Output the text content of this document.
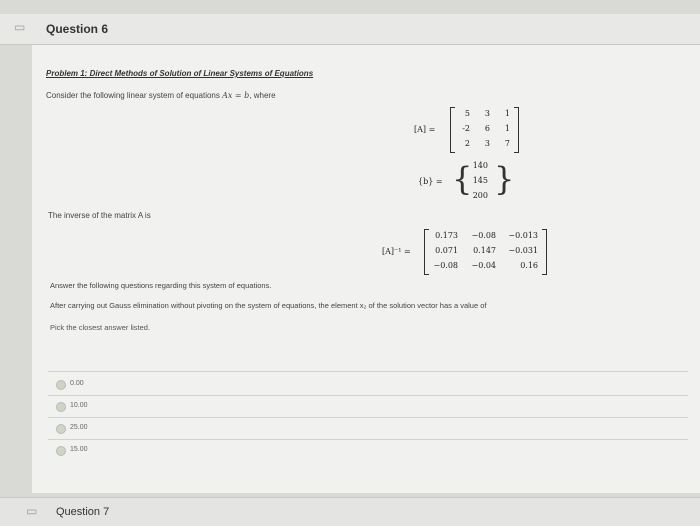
▭ Question 6
Problem 1: Direct Methods of Solution of Linear Systems of Equations
Consider the following linear system of equations Ax = b, where
[A] =
5	3	1
-2	6	1
2	3	7
{b} = { }
140
145
200
The inverse of the matrix A is
[A]⁻¹ =
0.173	−0.08	−0.013
0.071	0.147	−0.031
−0.08	−0.04	0.16
Answer the following questions regarding this system of equations.
After carrying out Gauss elimination without pivoting on the system of equations, the element x₂ of the solution vector has a value of
Pick the closest answer listed.
0.00
10.00
25.00
15.00
▭ Question 7
